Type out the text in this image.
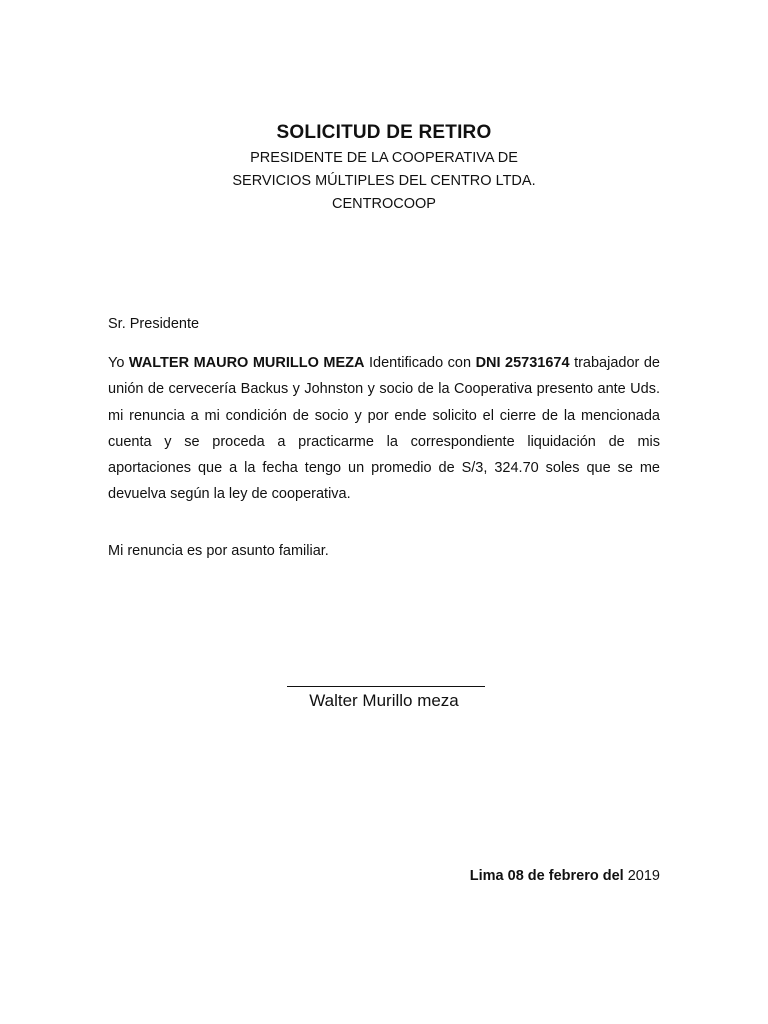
SOLICITUD DE RETIRO
PRESIDENTE DE LA COOPERATIVA DE
SERVICIOS MÚLTIPLES DEL CENTRO LTDA.
CENTROCOOP
Sr. Presidente
Yo WALTER MAURO MURILLO MEZA Identificado con DNI 25731674 trabajador de unión de cervecería Backus y Johnston y socio de la Cooperativa presento ante Uds. mi renuncia a mi condición de socio y por ende solicito el cierre de la mencionada cuenta y se proceda a practicarme la correspondiente liquidación de mis aportaciones que a la fecha tengo un promedio de S/3, 324.70 soles que se me devuelva según la ley de cooperativa.
Mi renuncia es por asunto familiar.
Walter Murillo meza
Lima 08 de febrero del 2019
